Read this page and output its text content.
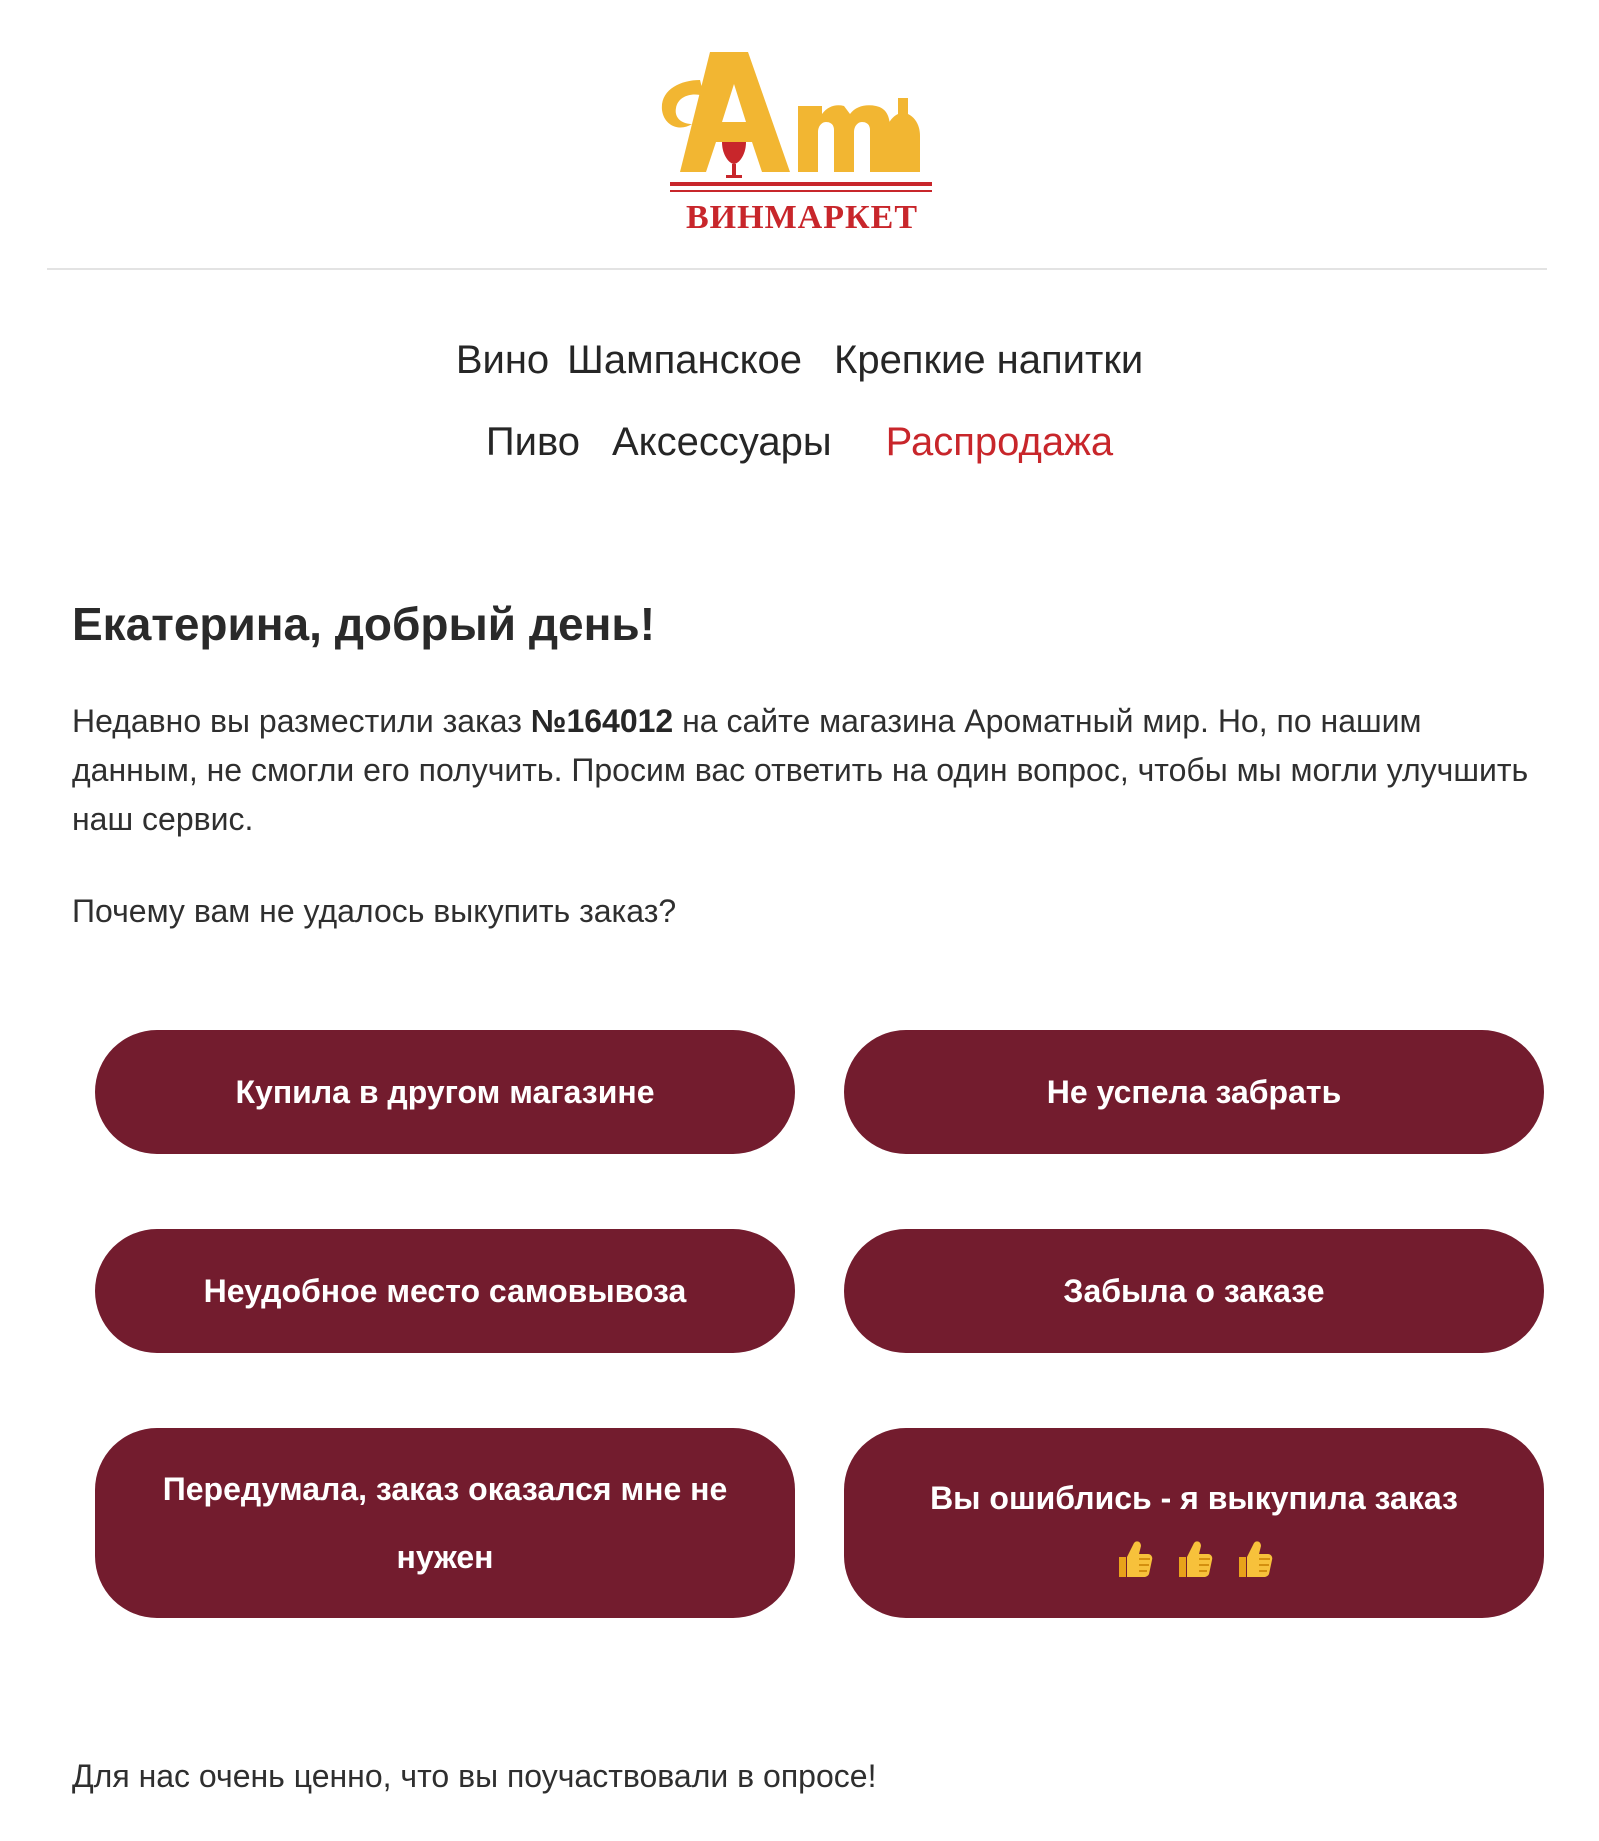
ВИНМАРКЕТ
Вино Шампанское Крепкие напитки
Пиво Аксессуары Распродажа
Екатерина, добрый день!

Недавно вы разместили заказ №164012 на сайте магазина Ароматный мир. Но, по нашим данным, не смогли его получить. Просим вас ответить на один вопрос, чтобы мы могли улучшить наш сервис.

Почему вам не удалось выкупить заказ?

Купила в другом магазине	Не успела забрать
Неудобное место самовывоза	Забыла о заказе
Передумала, заказ оказался мне не нужен
Вы ошиблись - я выкупила заказ

Для нас очень ценно, что вы поучаствовали в опросе!
